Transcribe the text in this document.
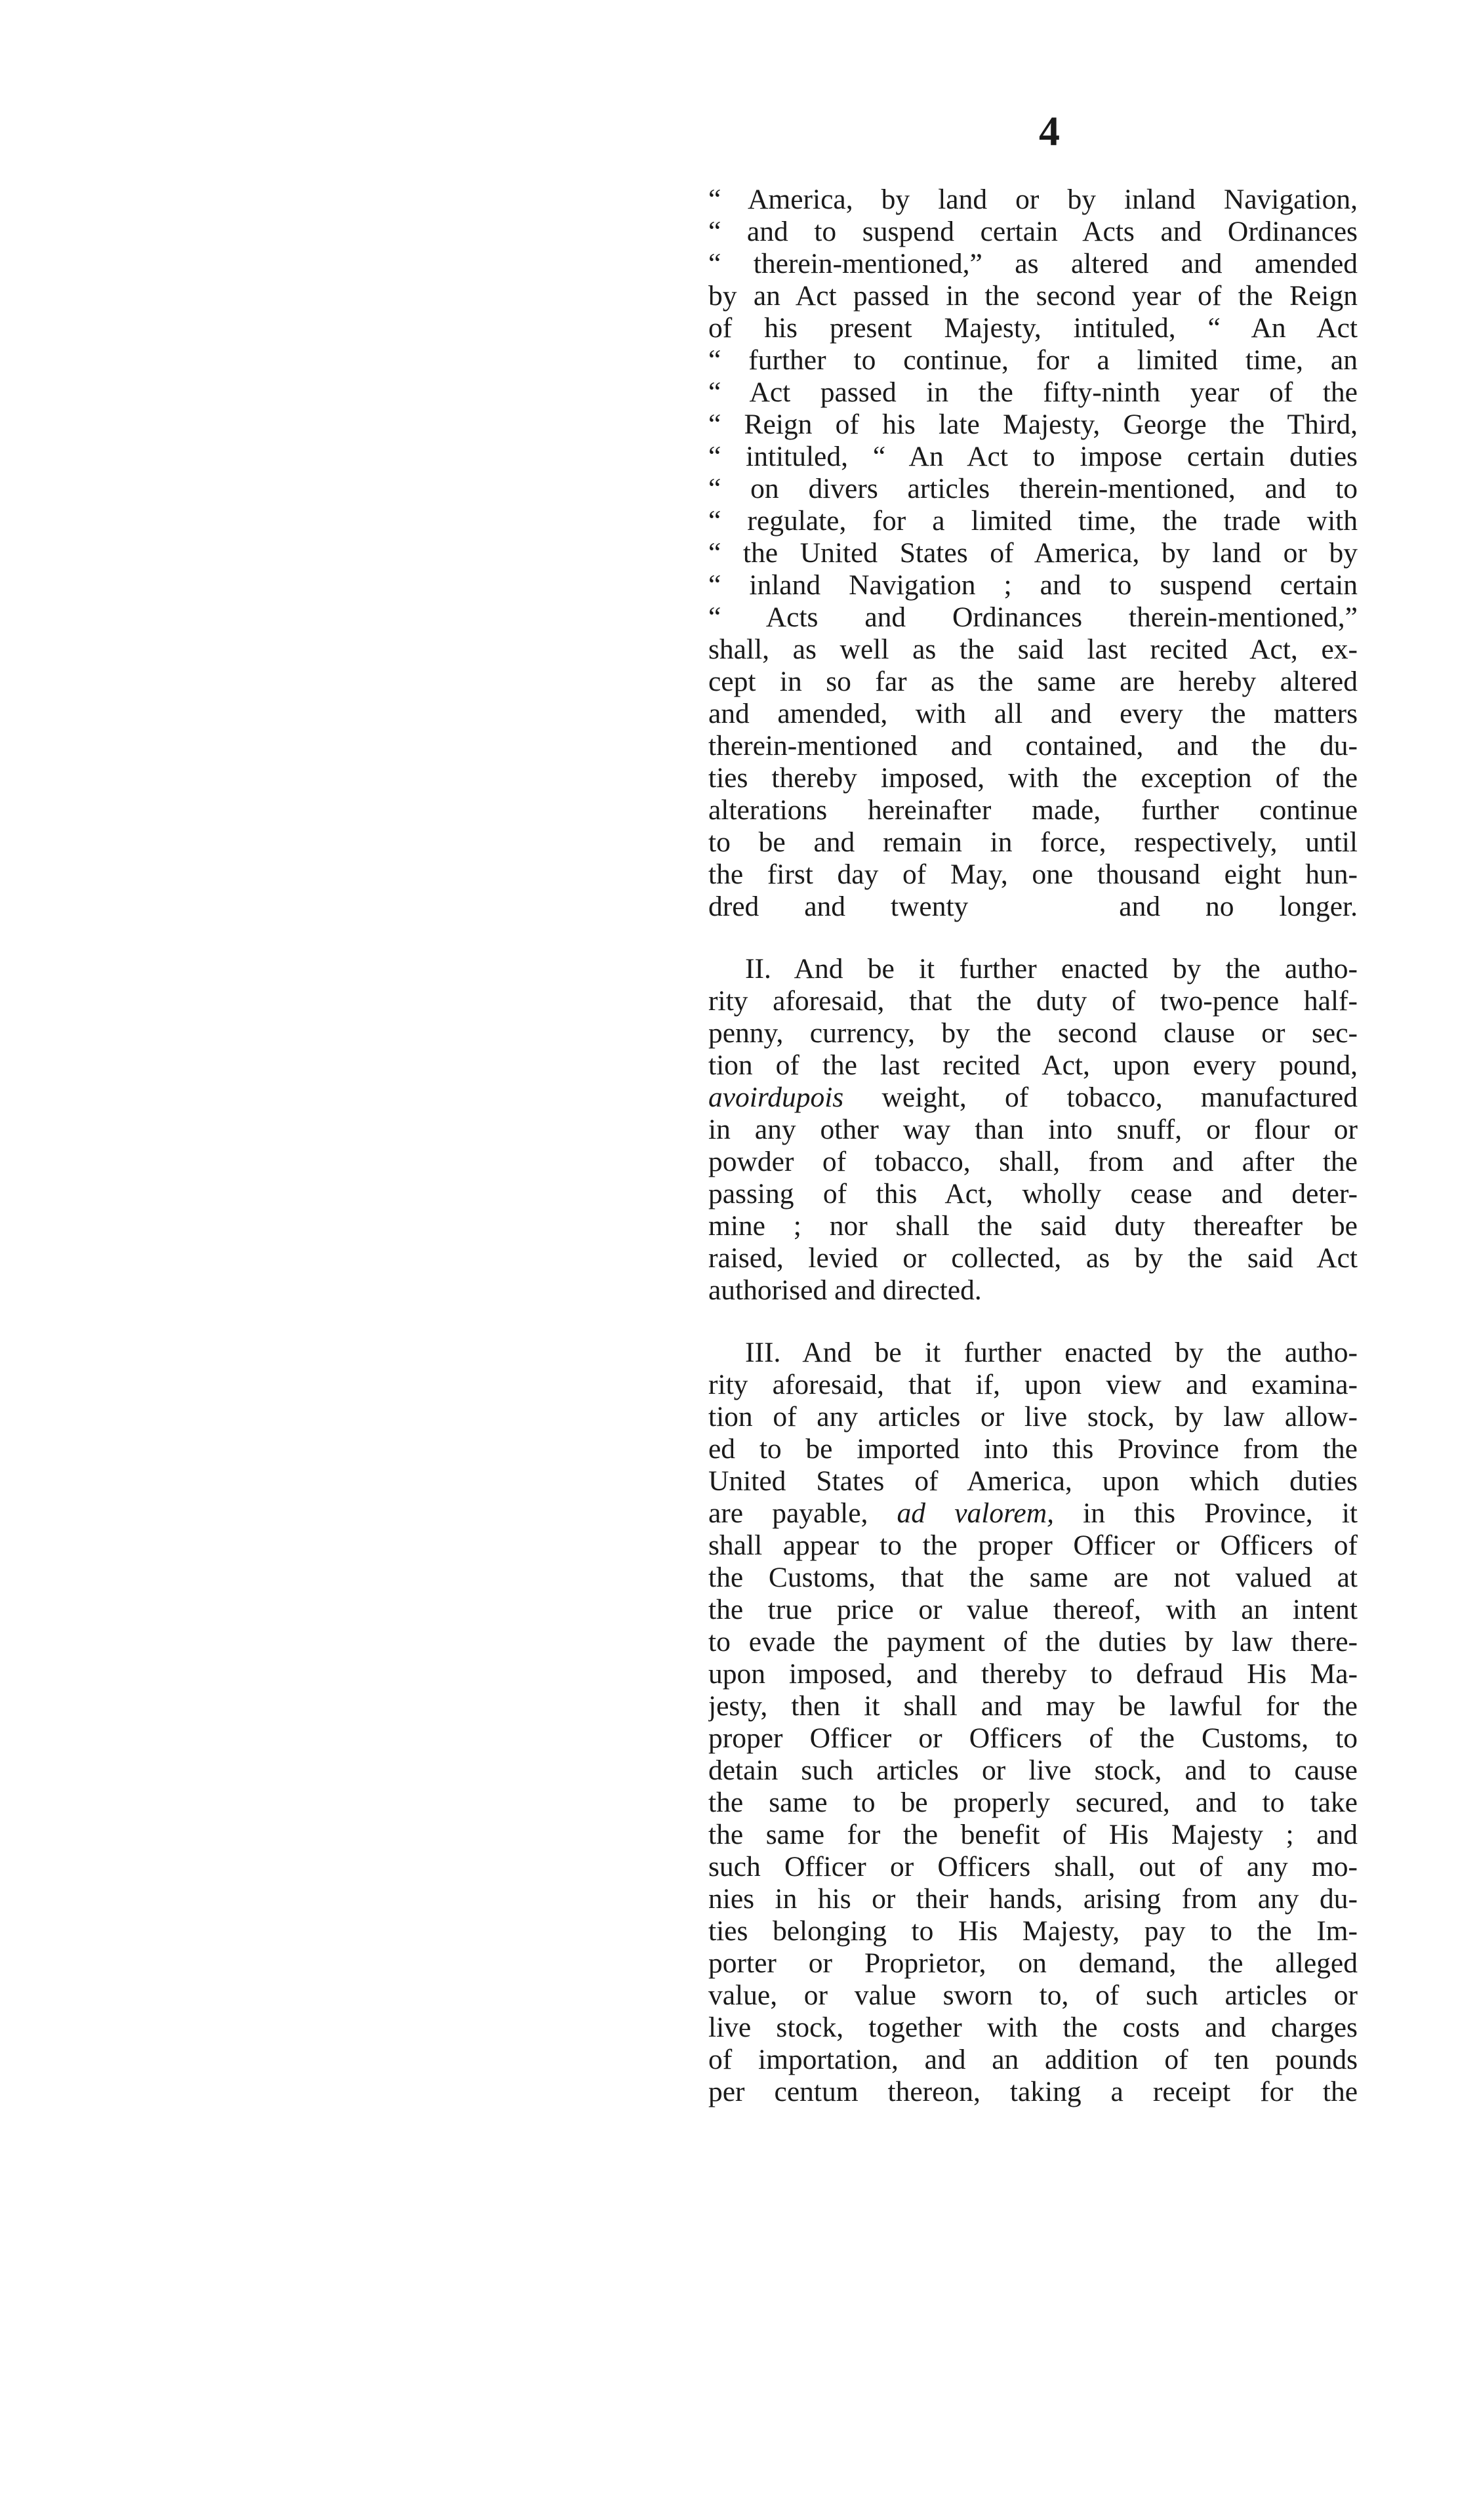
4
“ America, by land or by inland Navigation,
“ and to suspend certain Acts and Ordinances
“ therein-mentioned,” as altered and amended
by an Act passed in the second year of the Reign
of his present Majesty, intituled, “ An Act
“ further to continue, for a limited time, an
“ Act passed in the fifty-ninth year of the
“ Reign of his late Majesty, George the Third,
“ intituled, “ An Act to impose certain duties
“ on divers articles therein-mentioned, and to
“ regulate, for a limited time, the trade with
“ the United States of America, by land or by
“ inland Navigation ; and to suspend certain
“ Acts and Ordinances therein-mentioned,”
shall, as well as the said last recited Act, ex-
cept in so far as the same are hereby altered
and amended, with all and every the matters
therein-mentioned and contained, and the du-
ties thereby imposed, with the exception of the
alterations hereinafter made, further continue
to be and remain in force, respectively, until
the first day of May, one thousand eight hun-
dred and twenty	and no longer.
II. And be it further enacted by the autho-
rity aforesaid, that the duty of two-pence half-
penny, currency, by the second clause or sec-
tion of the last recited Act, upon every pound,
avoirdupois weight, of tobacco, manufactured
in any other way than into snuff, or flour or
powder of tobacco, shall, from and after the
passing of this Act, wholly cease and deter-
mine ; nor shall the said duty thereafter be
raised, levied or collected, as by the said Act
authorised and directed.
III. And be it further enacted by the autho-
rity aforesaid, that if, upon view and examina-
tion of any articles or live stock, by law allow-
ed to be imported into this Province from the
United States of America, upon which duties
are payable, ad valorem, in this Province, it
shall appear to the proper Officer or Officers of
the Customs, that the same are not valued at
the true price or value thereof, with an intent
to evade the payment of the duties by law there-
upon imposed, and thereby to defraud His Ma-
jesty, then it shall and may be lawful for the
proper Officer or Officers of the Customs, to
detain such articles or live stock, and to cause
the same to be properly secured, and to take
the same for the benefit of His Majesty ; and
such Officer or Officers shall, out of any mo-
nies in his or their hands, arising from any du-
ties belonging to His Majesty, pay to the Im-
porter or Proprietor, on demand, the alleged
value, or value sworn to, of such articles or
live stock, together with the costs and charges
of importation, and an addition of ten pounds
per centum thereon, taking a receipt for the
